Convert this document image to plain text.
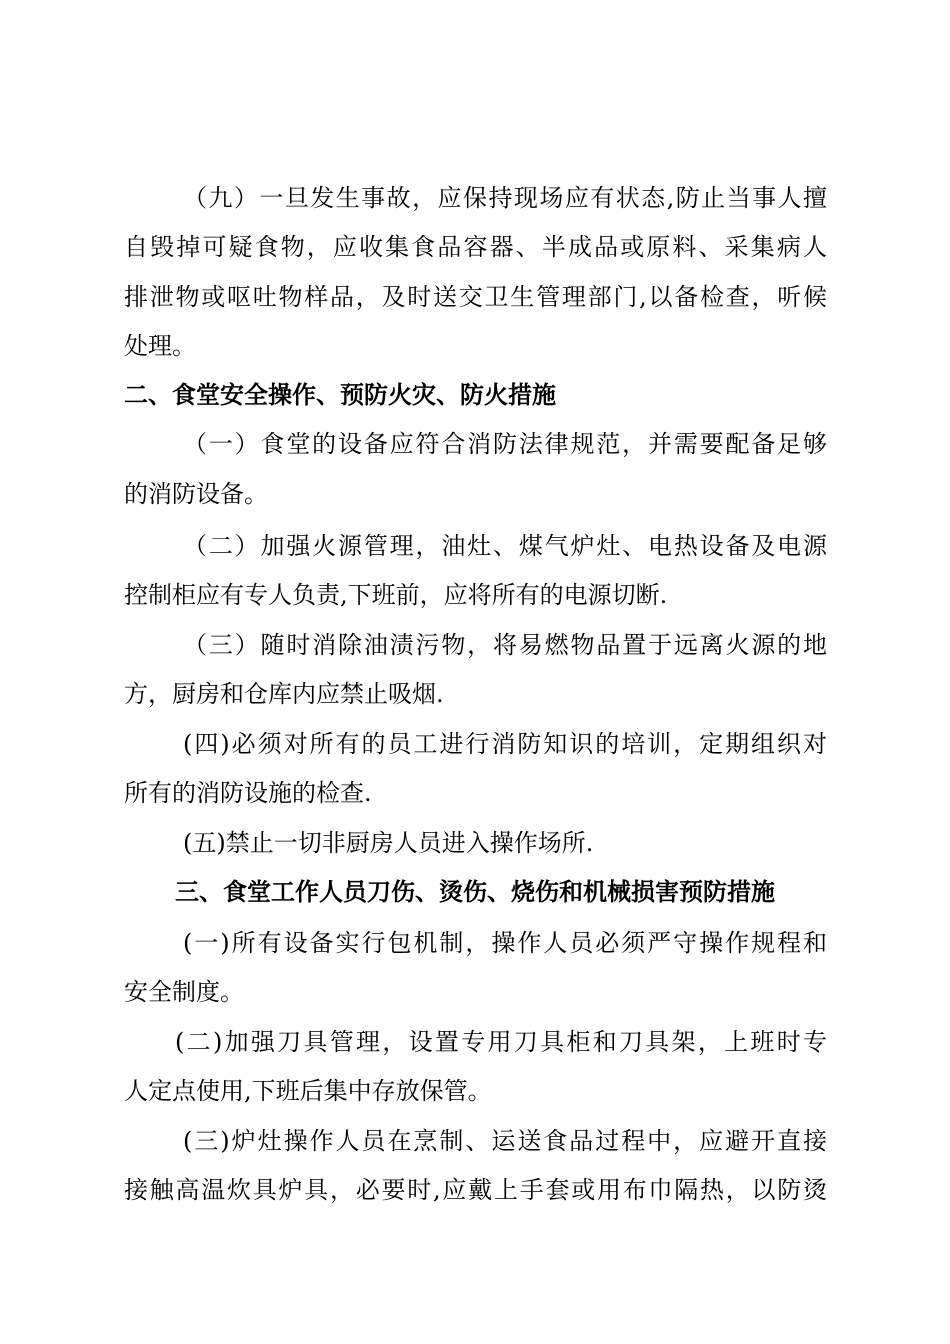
（九）一旦发生事故，应保持现场应有状态,防止当事人擅
自毁掉可疑食物，应收集食品容器、半成品或原料、采集病人
排泄物或呕吐物样品，及时送交卫生管理部门,以备检查，听候
处理。
二、食堂安全操作、预防火灾、防火措施
（一）食堂的设备应符合消防法律规范，并需要配备足够
的消防设备。
（二）加强火源管理，油灶、煤气炉灶、电热设备及电源
控制柜应有专人负责,下班前，应将所有的电源切断.
（三）随时消除油渍污物，将易燃物品置于远离火源的地
方，厨房和仓库内应禁止吸烟.
(四)必须对所有的员工进行消防知识的培训，定期组织对
所有的消防设施的检查.
(五)禁止一切非厨房人员进入操作场所.
三、食堂工作人员刀伤、烫伤、烧伤和机械损害预防措施
(一)所有设备实行包机制，操作人员必须严守操作规程和
安全制度。
(二)加强刀具管理，设置专用刀具柜和刀具架，上班时专
人定点使用,下班后集中存放保管。
(三)炉灶操作人员在烹制、运送食品过程中，应避开直接
接触高温炊具炉具，必要时,应戴上手套或用布巾隔热，以防烫
